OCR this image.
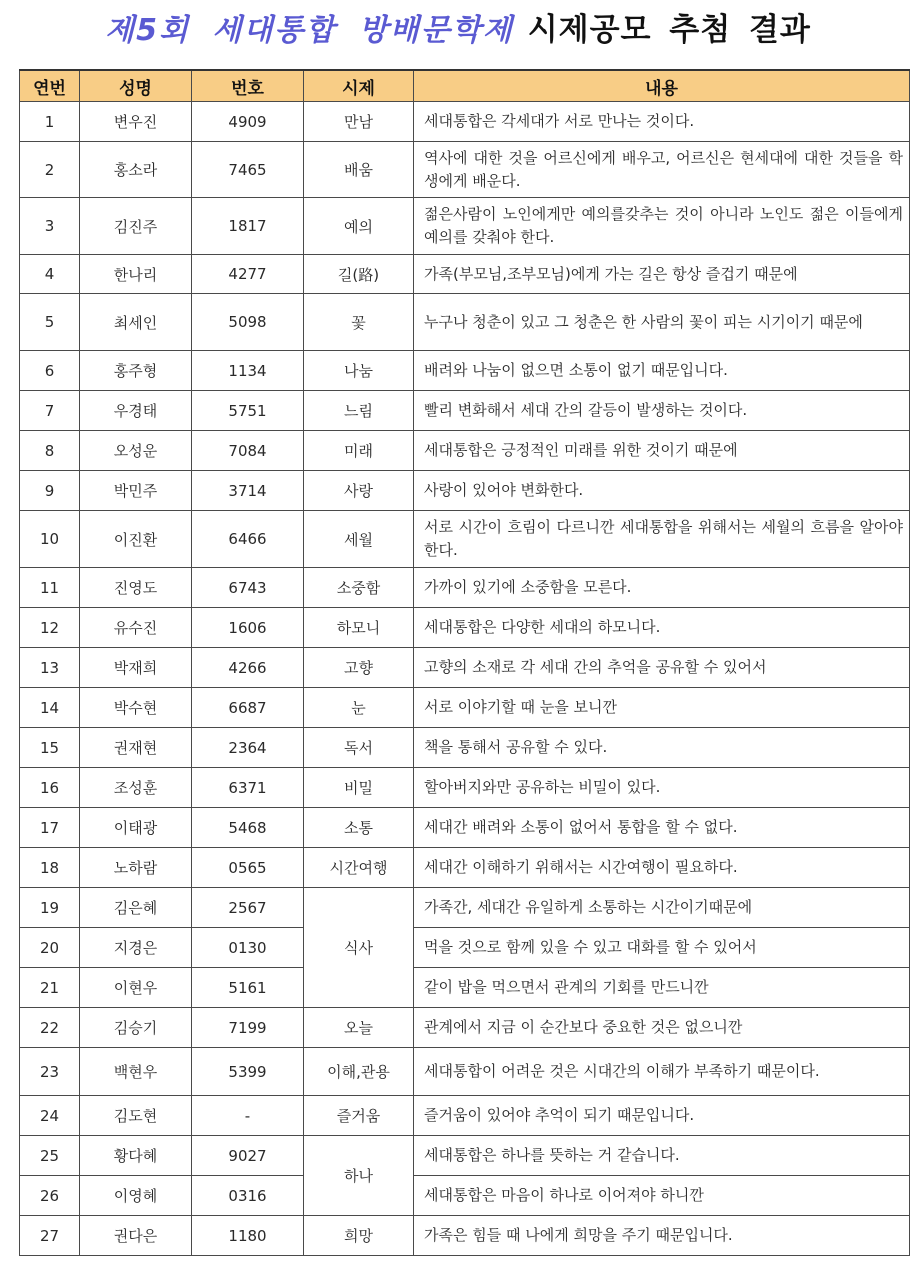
제5회 세대통합 방배문학제 시제공모 추첨 결과
연번	성명	번호	시제	내용
1	변우진	4909	만남	세대통합은 각세대가 서로 만나는 것이다.
2	홍소라	7465	배움	역사에 대한 것을 어르신에게 배우고, 어르신은 현세대에 대한 것들을 학생에게 배운다.
3	김진주	1817	예의	젊은사람이 노인에게만 예의를갖추는 것이 아니라 노인도 젊은 이들에게 예의를 갖춰야 한다.
4	한나리	4277	길(路)	가족(부모님,조부모님)에게 가는 길은 항상 즐겁기 때문에
5	최세인	5098	꽃	누구나 청춘이 있고 그 청춘은 한 사람의 꽃이 피는 시기이기 때문에
6	홍주형	1134	나눔	배려와 나눔이 없으면 소통이 없기 때문입니다.
7	우경태	5751	느림	빨리 변화해서 세대 간의 갈등이 발생하는 것이다.
8	오성운	7084	미래	세대통합은 긍정적인 미래를 위한 것이기 때문에
9	박민주	3714	사랑	사랑이 있어야 변화한다.
10	이진환	6466	세월	서로 시간이 흐림이 다르니깐 세대통합을 위해서는 세월의 흐름을 알아야 한다.
11	진영도	6743	소중함	가까이 있기에 소중함을 모른다.
12	유수진	1606	하모니	세대통합은 다양한 세대의 하모니다.
13	박재희	4266	고향	고향의 소재로 각 세대 간의 추억을 공유할 수 있어서
14	박수현	6687	눈	서로 이야기할 때 눈을 보니깐
15	권재현	2364	독서	책을 통해서 공유할 수 있다.
16	조성훈	6371	비밀	할아버지와만 공유하는 비밀이 있다.
17	이태광	5468	소통	세대간 배려와 소통이 없어서 통합을 할 수 없다.
18	노하람	0565	시간여행	세대간 이해하기 위해서는 시간여행이 필요하다.
19	김은혜	2567	식사	가족간, 세대간 유일하게 소통하는 시간이기때문에
20	지경은	0130		먹을 것으로 함께 있을 수 있고 대화를 할 수 있어서
21	이현우	5161		같이 밥을 먹으면서 관계의 기회를 만드니깐
22	김승기	7199	오늘	관계에서 지금 이 순간보다 중요한 것은 없으니깐
23	백현우	5399	이해,관용	세대통합이 어려운 것은 시대간의 이해가 부족하기 때문이다.
24	김도현	-	즐거움	즐거움이 있어야 추억이 되기 때문입니다.
25	황다혜	9027	하나	세대통합은 하나를 뜻하는 거 같습니다.
26	이영혜	0316		세대통합은 마음이 하나로 이어져야 하니깐
27	권다은	1180	희망	가족은 힘들 때 나에게 희망을 주기 때문입니다.
